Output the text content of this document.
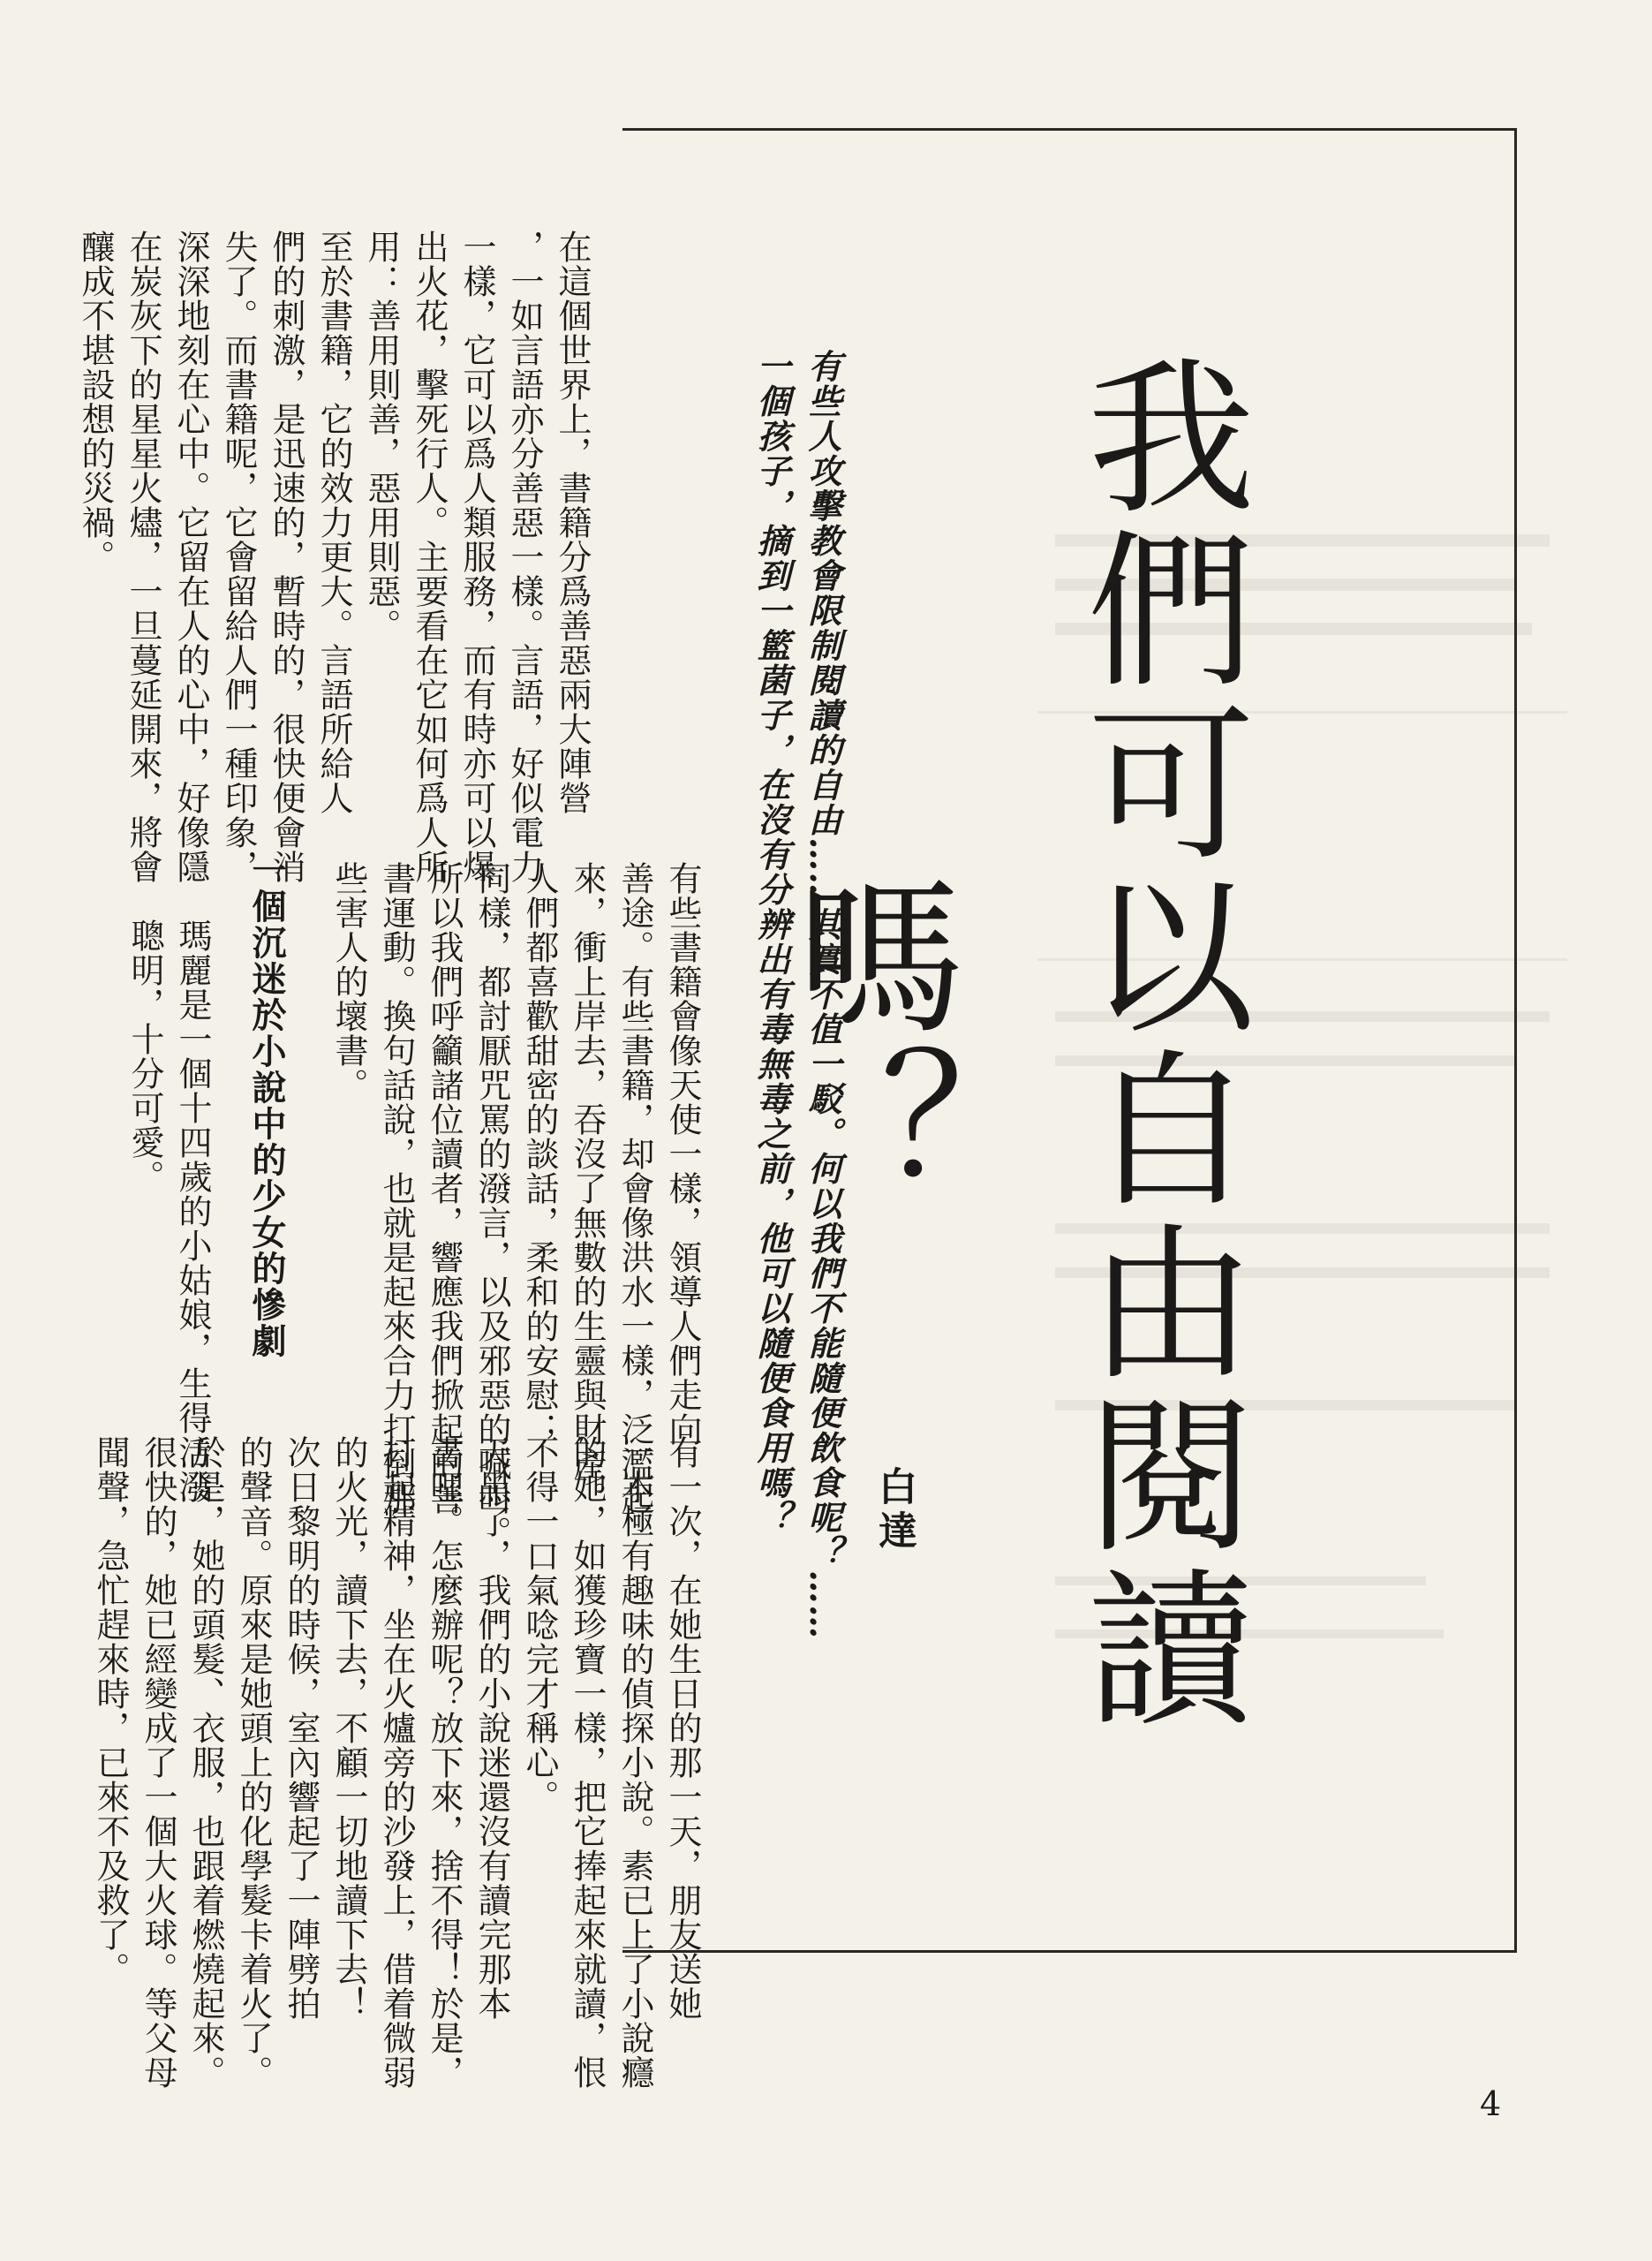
我們可以自由閱讀嗎？
白達
有些人攻擊教會限制閱讀的自由……其實不值一駁。何以我們不能隨便飲食呢？……
一個孩子，摘到一籃菌子，在沒有分辨出有毒無毒之前，他可以隨便食用嗎？
有些書籍會像天使一樣，領導人們走向
善途。有些書籍，却會像洪水一樣，泛濫起
來，衝上岸去，吞沒了無數的生靈與財產。
人們都喜歡甜密的談話，柔和的安慰；
同樣，都討厭咒罵的潑言，以及邪惡的喊叫。
所以我們呼籲諸位讀者，響應我們掀起的善
書運動。換句話說，也就是起來合力打倒那
些害人的壞書。
有一次，在她生日的那一天，朋友送她
一本極有趣味的偵探小說。素已上了小說癮
的她，如獲珍寶一樣，把它捧起來就讀，恨
不得一口氣唸完才稱心。
天黑了，我們的小說迷還沒有讀完那本
書哩。怎麼辦呢？放下來，捨不得！於是，
打起精神，坐在火爐旁的沙發上，借着微弱
的火光，讀下去，不顧一切地讀下去！
次日黎明的時候，室內響起了一陣劈拍
的聲音。原來是她頭上的化學髮卡着火了。
於是，她的頭髮、衣服，也跟着燃燒起來。
很快的，她已經變成了一個大火球。等父母
聞聲，急忙趕來時，已來不及救了。
在這個世界上，書籍分爲善惡兩大陣營
，一如言語亦分善惡一樣。言語，好似電力
一樣，它可以爲人類服務，而有時亦可以爆
出火花，擊死行人。主要看在它如何爲人所
用：善用則善，惡用則惡。
至於書籍，它的效力更大。言語所給人
們的刺激，是迅速的，暫時的，很快便會消
失了。而書籍呢，它會留給人們一種印象，
深深地刻在心中。它留在人的心中，好像隱
在炭灰下的星星火燼，一旦蔓延開來，將會
釀成不堪設想的災禍。
一個沉迷於小說中的少女的慘劇
瑪麗是一個十四歲的小姑娘，生得活潑
聰明，十分可愛。
4
